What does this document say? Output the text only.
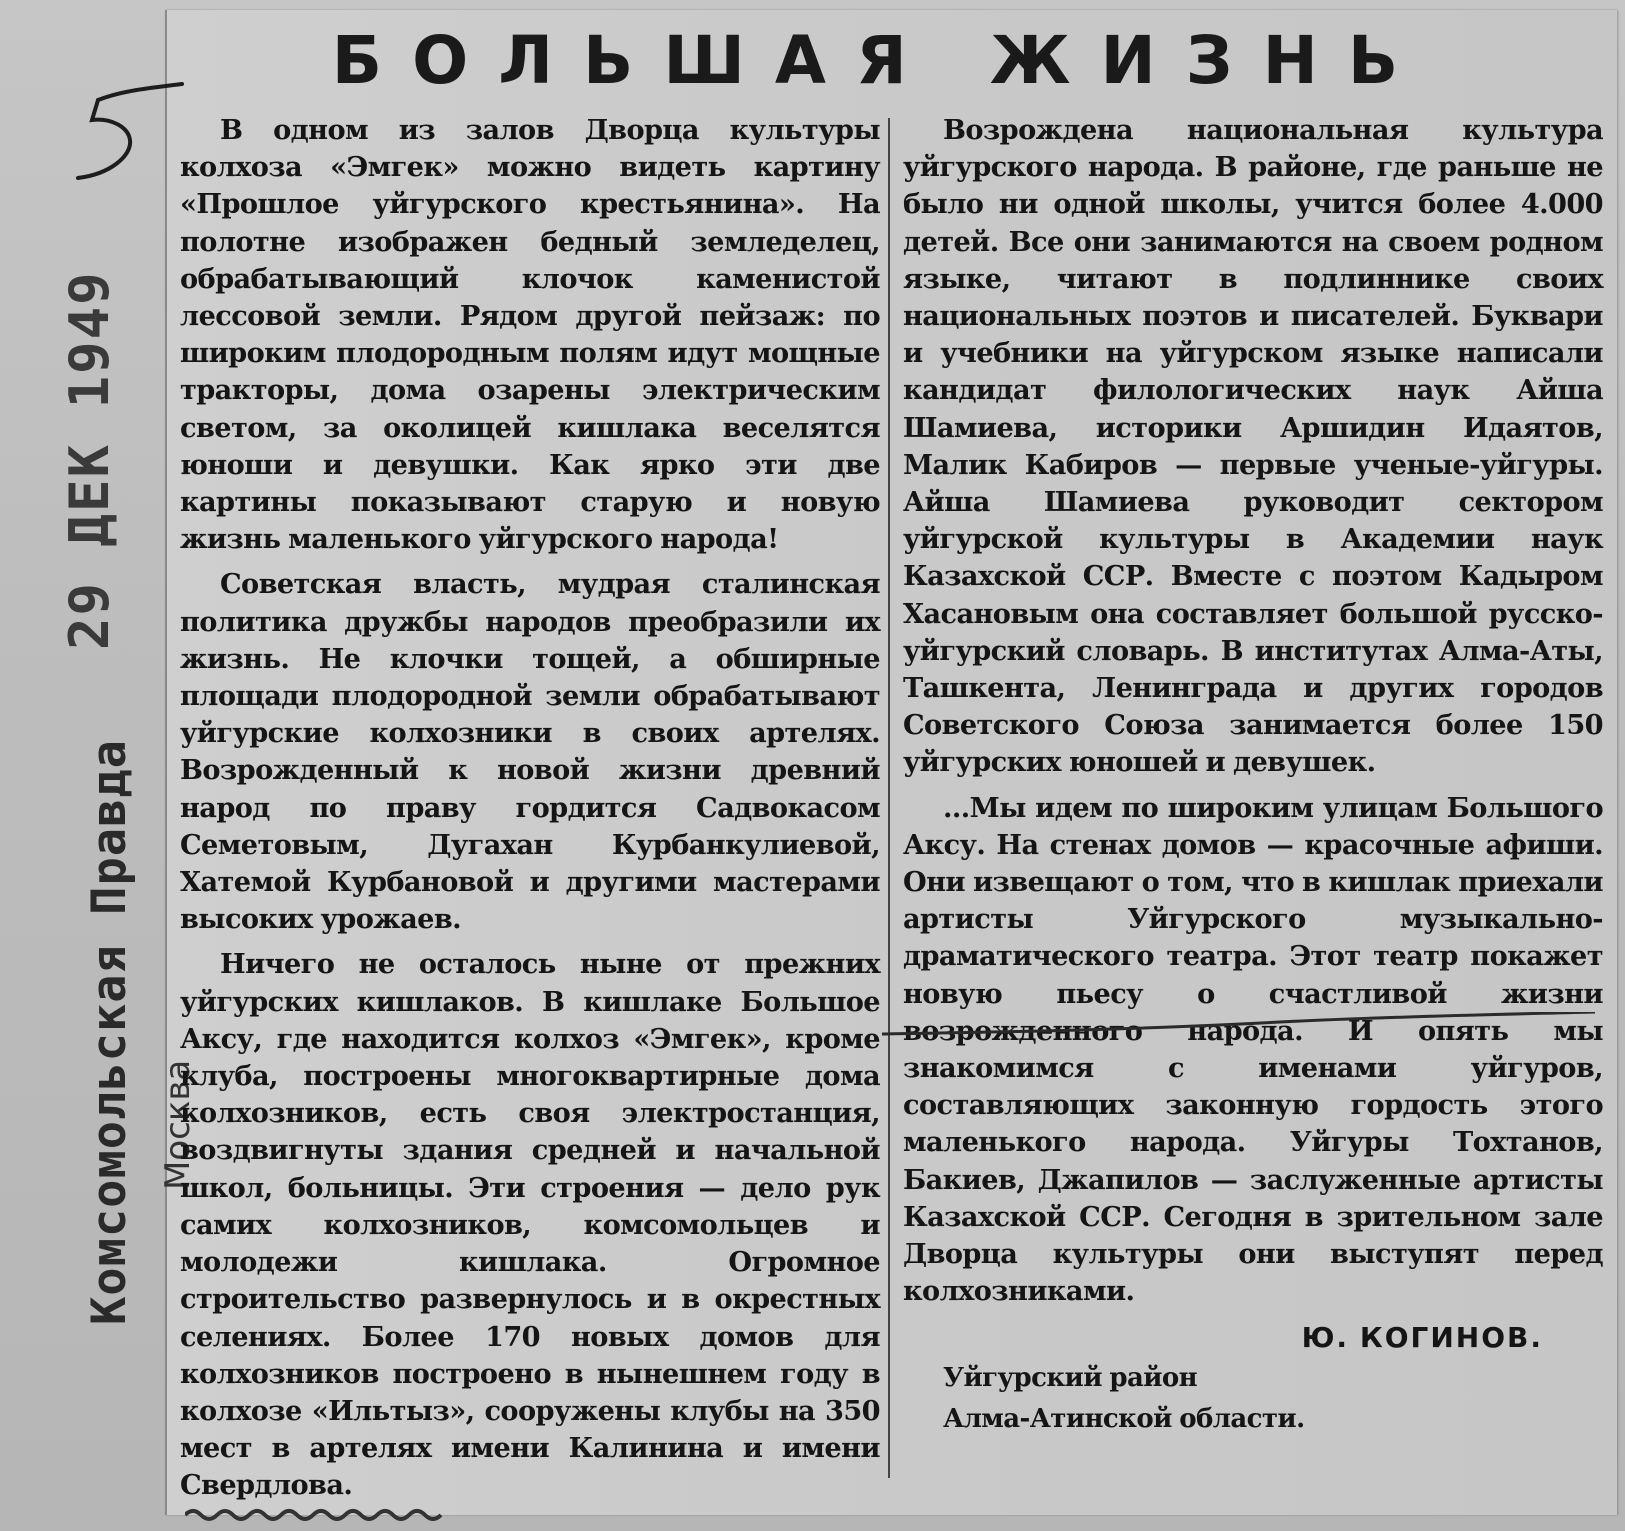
29 ДЕК 1949
Комсомольская Правда Москва
БОЛЬШАЯ ЖИЗНЬ

В одном из залов Дворца культуры колхоза «Эмгек» можно видеть картину «Прошлое уйгурского крестьянина». На полотне изображен бедный земледелец, обрабатывающий клочок каменистой лессовой земли. Рядом другой пейзаж: по широким плодородным полям идут мощные тракторы, дома озарены электрическим светом, за околицей кишлака веселятся юноши и девушки. Как ярко эти две картины показывают старую и новую жизнь маленького уйгурского народа!

Советская власть, мудрая сталинская политика дружбы народов преобразили их жизнь. Не клочки тощей, а обширные площади плодородной земли обрабатывают уйгурские колхозники в своих артелях. Возрожденный к новой жизни древний народ по праву гордится Садвокасом Семетовым, Дугахан Курбанкулиевой, Хатемой Курбановой и другими мастерами высоких урожаев.

Ничего не осталось ныне от прежних уйгурских кишлаков. В кишлаке Большое Аксу, где находится колхоз «Эмгек», кроме клуба, построены многоквартирные дома колхозников, есть своя электростанция, воздвигнуты здания средней и начальной школ, больницы. Эти строения — дело рук самих колхозников, комсомольцев и молодежи кишлака. Огромное строительство развернулось и в окрестных селениях. Более 170 новых домов для колхозников построено в нынешнем году в колхозе «Ильтыз», сооружены клубы на 350 мест в артелях имени Калинина и имени Свердлова.

Возрождена национальная культура уйгурского народа. В районе, где раньше не было ни одной школы, учится более 4.000 детей. Все они занимаются на своем родном языке, читают в подлиннике своих национальных поэтов и писателей. Буквари и учебники на уйгурском языке написали кандидат филологических наук Айша Шамиева, историки Аршидин Идаятов, Малик Кабиров — первые ученые-уйгуры. Айша Шамиева руководит сектором уйгурской культуры в Академии наук Казахской ССР. Вместе с поэтом Кадыром Хасановым она составляет большой русско-уйгурский словарь. В институтах Алма-Аты, Ташкента, Ленинграда и других городов Советского Союза занимается более 150 уйгурских юношей и девушек.

...Мы идем по широким улицам Большого Аксу. На стенах домов — красочные афиши. Они извещают о том, что в кишлак приехали артисты Уйгурского музыкально-драматического театра. Этот театр покажет новую пьесу о счастливой жизни возрожденного народа. И опять мы знакомимся с именами уйгуров, составляющих законную гордость этого маленького народа. Уйгуры Тохтанов, Бакиев, Джапилов — заслуженные артисты Казахской ССР. Сегодня в зрительном зале Дворца культуры они выступят перед колхозниками.

Ю. КОГИНОВ.

Уйгурский район

Алма-Атинской области.
